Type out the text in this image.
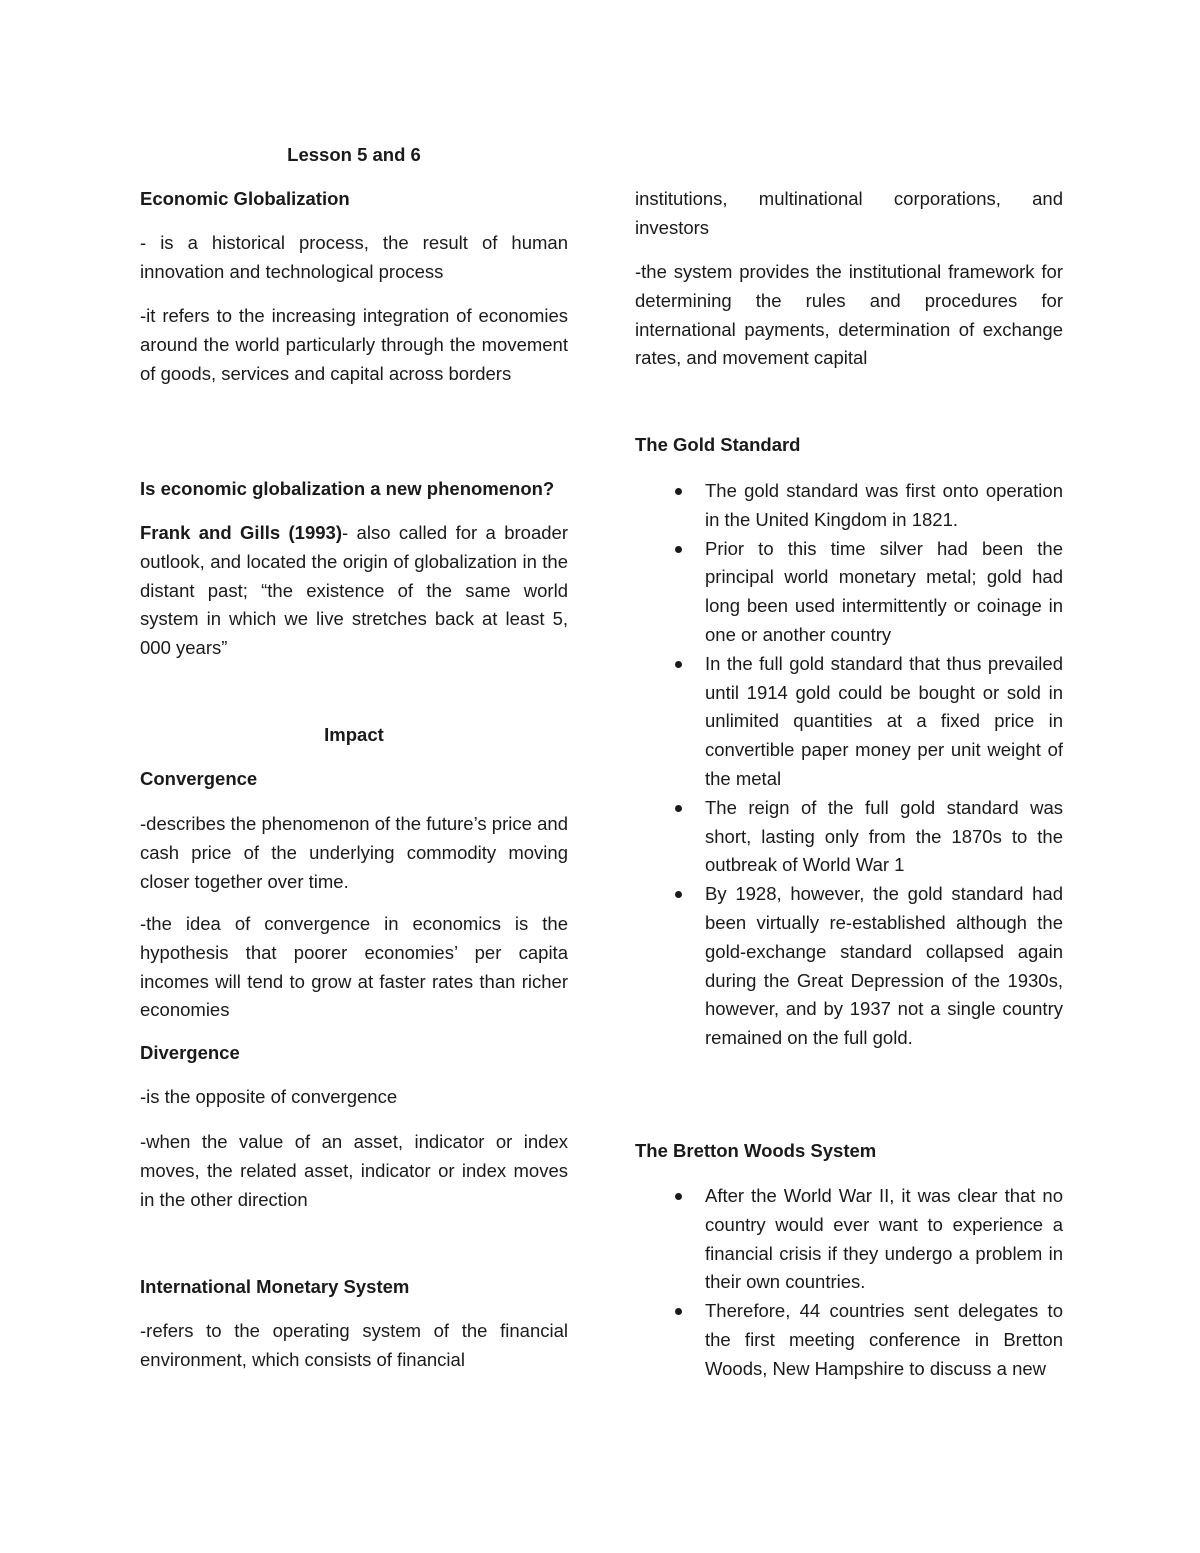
Lesson 5 and 6

Economic Globalization

- is a historical process, the result of human innovation and technological process

-it refers to the increasing integration of economies around the world particularly through the movement of goods, services and capital across borders

Is economic globalization a new phenomenon?

Frank and Gills (1993)- also called for a broader outlook, and located the origin of globalization in the distant past; “the existence of the same world system in which we live stretches back at least 5, 000 years”

Impact

Convergence

-describes the phenomenon of the future’s price and cash price of the underlying commodity moving closer together over time.

-the idea of convergence in economics is the hypothesis that poorer economies’ per capita incomes will tend to grow at faster rates than richer economies

Divergence

-is the opposite of convergence

-when the value of an asset, indicator or index moves, the related asset, indicator or index moves in the other direction

International Monetary System

-refers to the operating system of the financial environment, which consists of financial

institutions, multinational corporations, and investors

-the system provides the institutional framework for determining the rules and procedures for international payments, determination of exchange rates, and movement capital

The Gold Standard

The gold standard was first onto operation in the United Kingdom in 1821.
Prior to this time silver had been the principal world monetary metal; gold had long been used intermittently or coinage in one or another country
In the full gold standard that thus prevailed until 1914 gold could be bought or sold in unlimited quantities at a fixed price in convertible paper money per unit weight of the metal
The reign of the full gold standard was short, lasting only from the 1870s to the outbreak of World War 1
By 1928, however, the gold standard had been virtually re-established although the gold-exchange standard collapsed again during the Great Depression of the 1930s, however, and by 1937 not a single country remained on the full gold.

The Bretton Woods System

After the World War II, it was clear that no country would ever want to experience a financial crisis if they undergo a problem in their own countries.
Therefore, 44 countries sent delegates to the first meeting conference in Bretton Woods, New Hampshire to discuss a new
